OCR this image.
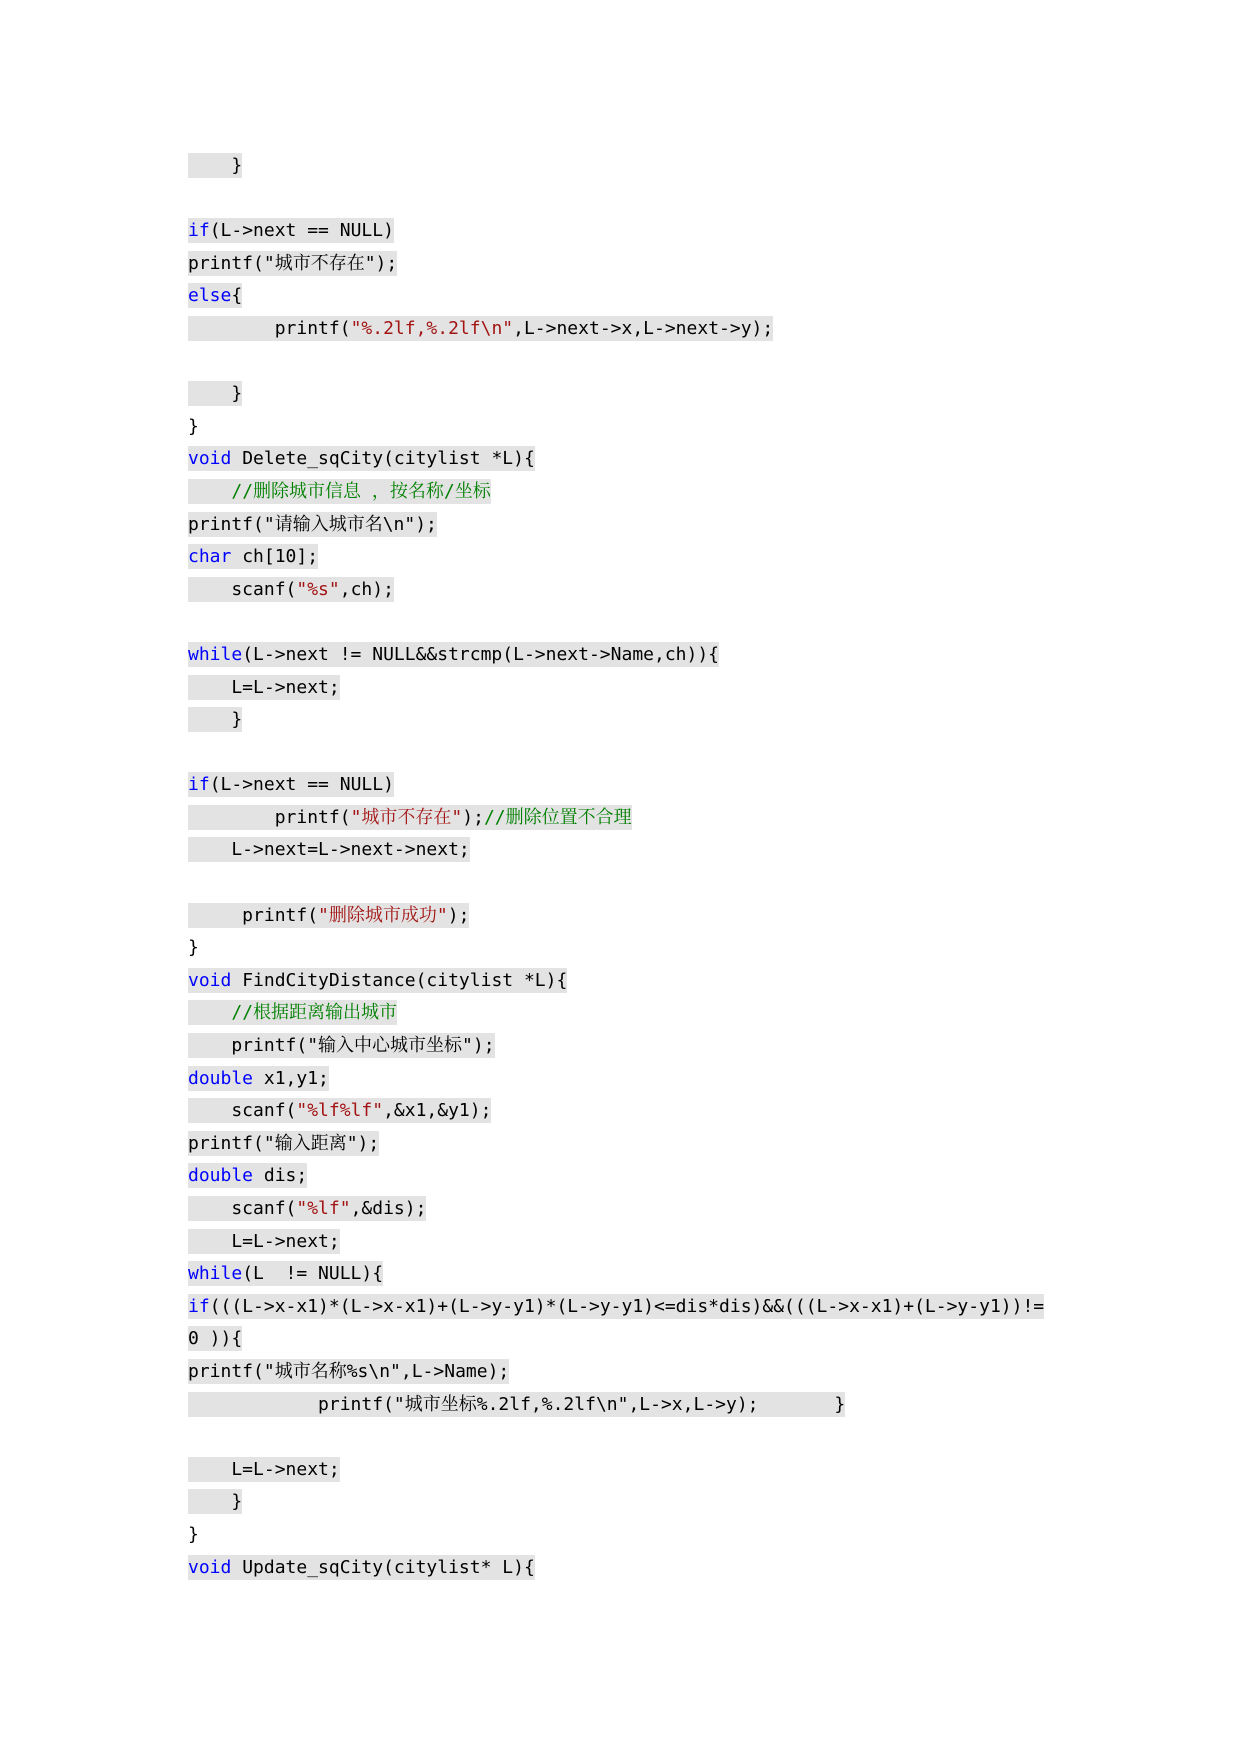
}
if(L->next == NULL)
printf("城市不存在");
else{
printf("%.2lf,%.2lf\n",L->next->x,L->next->y);
}
}
void Delete_sqCity(citylist *L){
//删除城市信息 ，按名称/坐标
printf("请输入城市名\n");
char ch[10];
scanf("%s",ch);
while(L->next != NULL&&strcmp(L->next->Name,ch)){
L=L->next;
}
if(L->next == NULL)
printf("城市不存在");//删除位置不合理
L->next=L->next->next;
printf("删除城市成功");
}
void FindCityDistance(citylist *L){
//根据距离输出城市
printf("输入中心城市坐标");
double x1,y1;
scanf("%lf%lf",&x1,&y1);
printf("输入距离");
double dis;
scanf("%lf",&dis);
L=L->next;
while(L  != NULL){
if(((L->x-x1)*(L->x-x1)+(L->y-y1)*(L->y-y1)<=dis*dis)&&(((L->x-x1)+(L->y-y1))!=
0 )){
printf("城市名称%s\n",L->Name);
printf("城市坐标%.2lf,%.2lf\n",L->x,L->y);       }
L=L->next;
}
}
void Update_sqCity(citylist* L){
